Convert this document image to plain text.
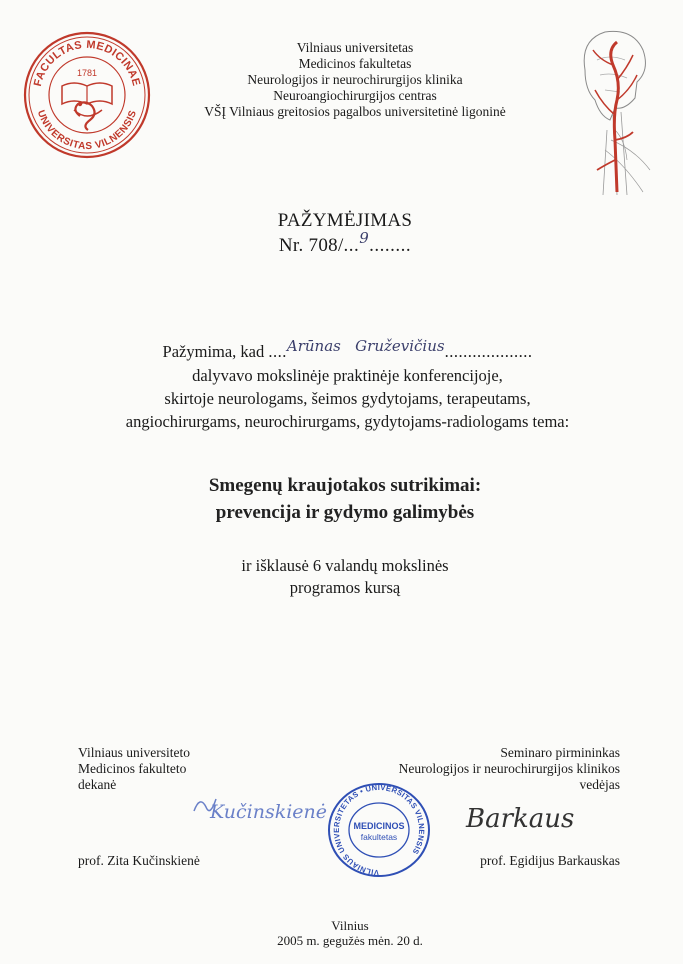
FACULTAS MEDICINAE
UNIVERSITAS VILNENSIS
1781
Vilniaus universitetas
Medicinos fakultetas
Neurologijos ir neurochirurgijos klinika
Neuroangiochirurgijos centras
VŠĮ Vilniaus greitosios pagalbos universitetinė ligoninė
PAŽYMĖJIMAS
Nr. 708/...$^9$........
Pažymima, kad ....Arūnas   Gruževičius...................
dalyvavo mokslinėje praktinėje konferencijoje,
skirtoje neurologams, šeimos gydytojams, terapeutams,
angiochirurgams, neurochirurgams, gydytojams-radiologams tema:
Smegenų kraujotakos sutrikimai:
prevencija ir gydymo galimybės
ir išklausė 6 valandų mokslinės
programos kursą
Vilniaus universiteto
Medicinos fakulteto
dekanė
Kučinskienė
prof. Zita Kučinskienė
VILNIAUS UNIVERSITETAS • UNIVERSITAS VILNENSIS
MEDICINOS
fakultetas
Seminaro pirmininkas
Neurologijos ir neurochirurgijos klinikos
vedėjas
Barkaus
prof. Egidijus Barkauskas
Vilnius
2005 m. gegužės mėn. 20 d.
